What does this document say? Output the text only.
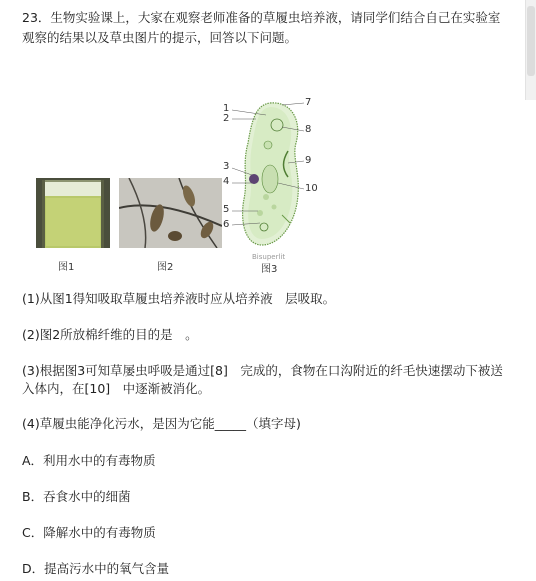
23．生物实验课上，大家在观察老师准备的草履虫培养液，请同学们结合自己在实验室
观察的结果以及草虫图片的提示，回答以下问题。

1
2
3
4
5
6
7
8
9
10
Bisuperlit
图1	图2	图3
(1)从图1得知吸取草履虫培养液时应从培养液　层吸取。
(2)图2所放棉纤维的目的是　。
(3)根据图3可知草屡虫呼吸是通过[8]　完成的，食物在口沟附近的纤毛快速摆动下被送
入体内，在[10]　中逐渐被消化。
(4)草履虫能净化污水，是因为它能_____（填字母)
A．利用水中的有毒物质
B．吞食水中的细菌
C．降解水中的有毒物质
D．提高污水中的氧气含量
